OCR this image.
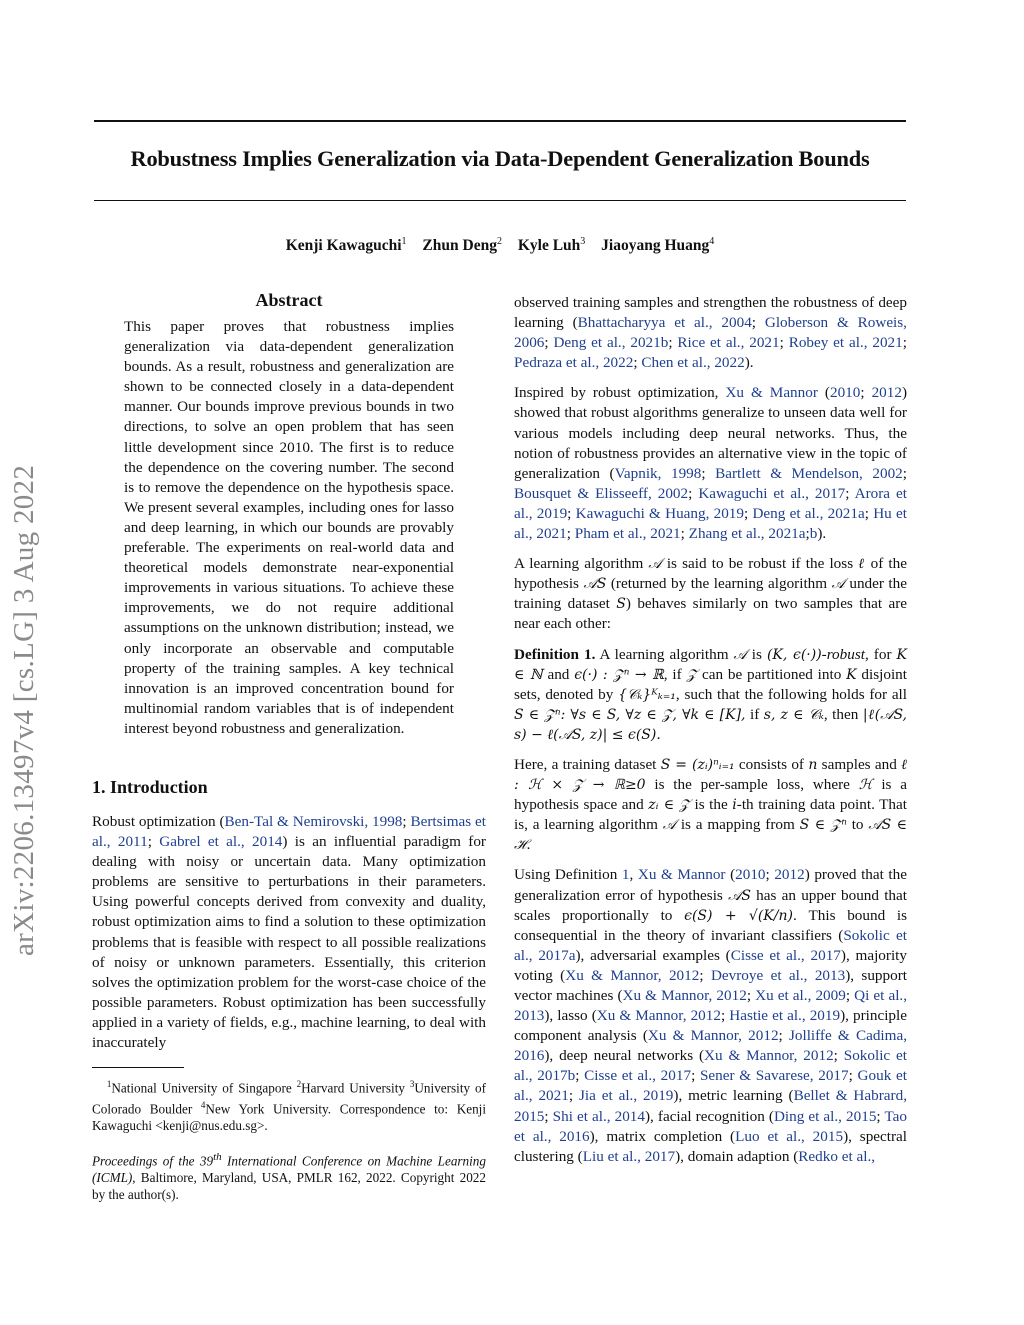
arXiv:2206.13497v4 [cs.LG] 3 Aug 2022
Robustness Implies Generalization via Data-Dependent Generalization Bounds
Kenji Kawaguchi$^1$ Zhun Deng$^2$ Kyle Luh$^3$ Jiaoyang Huang$^4$
Abstract
This paper proves that robustness implies generalization via data-dependent generalization bounds. As a result, robustness and generalization are shown to be connected closely in a data-dependent manner. Our bounds improve previous bounds in two directions, to solve an open problem that has seen little development since 2010. The first is to reduce the dependence on the covering number. The second is to remove the dependence on the hypothesis space. We present several examples, including ones for lasso and deep learning, in which our bounds are provably preferable. The experiments on real-world data and theoretical models demonstrate near-exponential improvements in various situations. To achieve these improvements, we do not require additional assumptions on the unknown distribution; instead, we only incorporate an observable and computable property of the training samples. A key technical innovation is an improved concentration bound for multinomial random variables that is of independent interest beyond robustness and generalization.
1. Introduction

Robust optimization (Ben-Tal & Nemirovski, 1998; Bertsimas et al., 2011; Gabrel et al., 2014) is an influential paradigm for dealing with noisy or uncertain data. Many optimization problems are sensitive to perturbations in their parameters. Using powerful concepts derived from convexity and duality, robust optimization aims to find a solution to these optimization problems that is feasible with respect to all possible realizations of noisy or unknown parameters. Essentially, this criterion solves the optimization problem for the worst-case choice of the possible parameters. Robust optimization has been successfully applied in a variety of fields, e.g., machine learning, to deal with inaccurately

$^1$National University of Singapore $^2$Harvard University $^3$University of Colorado Boulder $^4$New York University. Correspondence to: Kenji Kawaguchi <kenji@nus.edu.sg>.

Proceedings of the 39th International Conference on Machine Learning (ICML), Baltimore, Maryland, USA, PMLR 162, 2022. Copyright 2022 by the author(s).

observed training samples and strengthen the robustness of deep learning (Bhattacharyya et al., 2004; Globerson & Roweis, 2006; Deng et al., 2021b; Rice et al., 2021; Robey et al., 2021; Pedraza et al., 2022; Chen et al., 2022).

Inspired by robust optimization, Xu & Mannor (2010; 2012) showed that robust algorithms generalize to unseen data well for various models including deep neural networks. Thus, the notion of robustness provides an alternative view in the topic of generalization (Vapnik, 1998; Bartlett & Mendelson, 2002; Bousquet & Elisseeff, 2002; Kawaguchi et al., 2017; Arora et al., 2019; Kawaguchi & Huang, 2019; Deng et al., 2021a; Hu et al., 2021; Pham et al., 2021; Zhang et al., 2021a;b).

A learning algorithm 𝒜 is said to be robust if the loss ℓ of the hypothesis 𝒜S (returned by the learning algorithm 𝒜 under the training dataset S) behaves similarly on two samples that are near each other:

Definition 1. A learning algorithm 𝒜 is (K, ϵ(·))-robust, for K ∈ ℕ and ϵ(·) : 𝒵ⁿ → ℝ, if 𝒵 can be partitioned into K disjoint sets, denoted by {𝒞ₖ}ᴷₖ₌₁, such that the following holds for all S ∈ 𝒵ⁿ: ∀s ∈ S, ∀z ∈ 𝒵, ∀k ∈ [K], if s, z ∈ 𝒞ₖ, then |ℓ(𝒜S, s) − ℓ(𝒜S, z)| ≤ ϵ(S).

Here, a training dataset S = (zᵢ)ⁿᵢ₌₁ consists of n samples and ℓ : ℋ × 𝒵 → ℝ≥0 is the per-sample loss, where ℋ is a hypothesis space and zᵢ ∈ 𝒵 is the i-th training data point. That is, a learning algorithm 𝒜 is a mapping from S ∈ 𝒵ⁿ to 𝒜S ∈ ℋ.

Using Definition 1, Xu & Mannor (2010; 2012) proved that the generalization error of hypothesis 𝒜S has an upper bound that scales proportionally to ϵ(S) + √(K/n). This bound is consequential in the theory of invariant classifiers (Sokolic et al., 2017a), adversarial examples (Cisse et al., 2017), majority voting (Xu & Mannor, 2012; Devroye et al., 2013), support vector machines (Xu & Mannor, 2012; Xu et al., 2009; Qi et al., 2013), lasso (Xu & Mannor, 2012; Hastie et al., 2019), principle component analysis (Xu & Mannor, 2012; Jolliffe & Cadima, 2016), deep neural networks (Xu & Mannor, 2012; Sokolic et al., 2017b; Cisse et al., 2017; Sener & Savarese, 2017; Gouk et al., 2021; Jia et al., 2019), metric learning (Bellet & Habrard, 2015; Shi et al., 2014), facial recognition (Ding et al., 2015; Tao et al., 2016), matrix completion (Luo et al., 2015), spectral clustering (Liu et al., 2017), domain adaption (Redko et al.,
